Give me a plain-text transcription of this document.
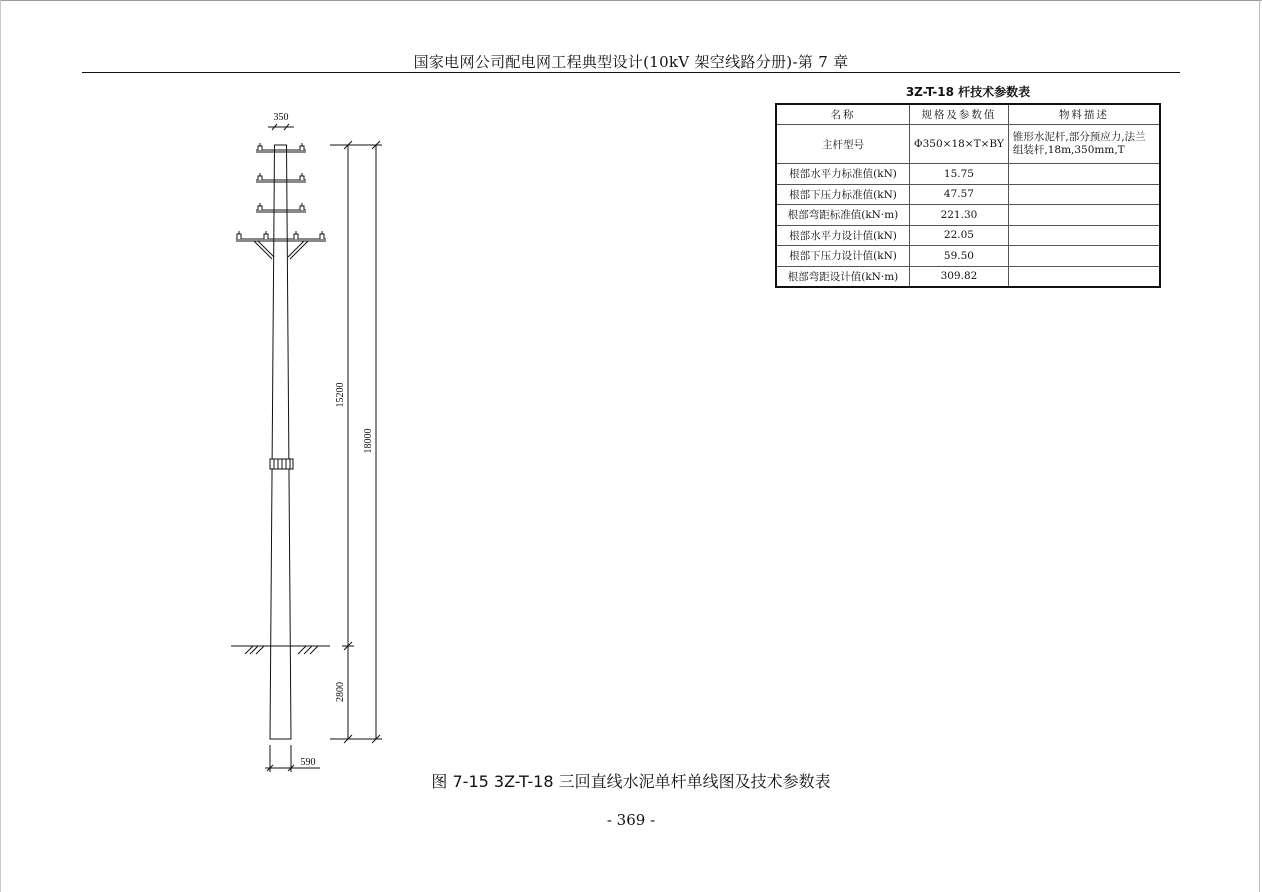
国家电网公司配电网工程典型设计(10kV 架空线路分册)-第 7 章
3Z-T-18 杆技术参数表
名称	规格及参数值	物料描述
主杆型号	Φ350×18×T×BY	锥形水泥杆,部分预应力,法兰组装杆,18m,350mm,T
根部水平力标准值(kN)	15.75	
根部下压力标准值(kN)	47.57	
根部弯距标准值(kN·m)	221.30	
根部水平力设计值(kN)	22.05	
根部下压力设计值(kN)	59.50	
根部弯距设计值(kN·m)	309.82	
350
590
15200
18000
2800
图 7-15 3Z-T-18 三回直线水泥单杆单线图及技术参数表
- 369 -
